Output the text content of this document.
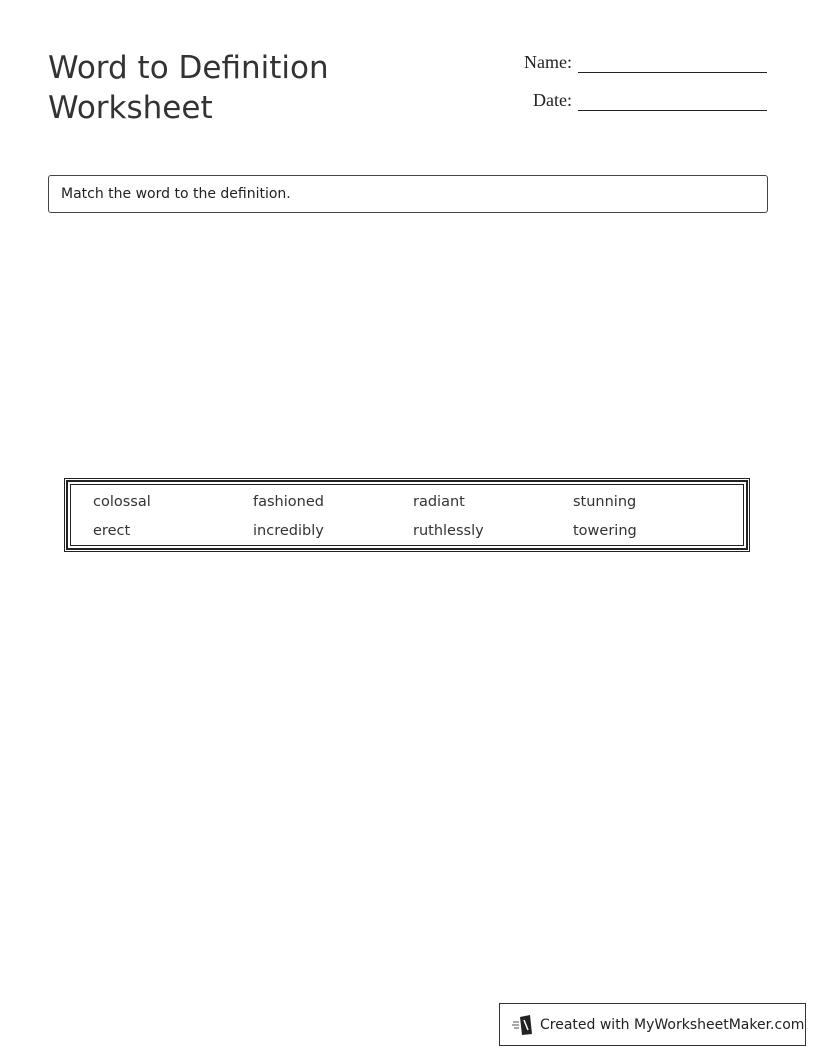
Word to Definition
Worksheet
Name:
Date:
Match the word to the definition.
colossal	fashioned	radiant	stunning
erect	incredibly	ruthlessly	towering
Created with MyWorksheetMaker.com
